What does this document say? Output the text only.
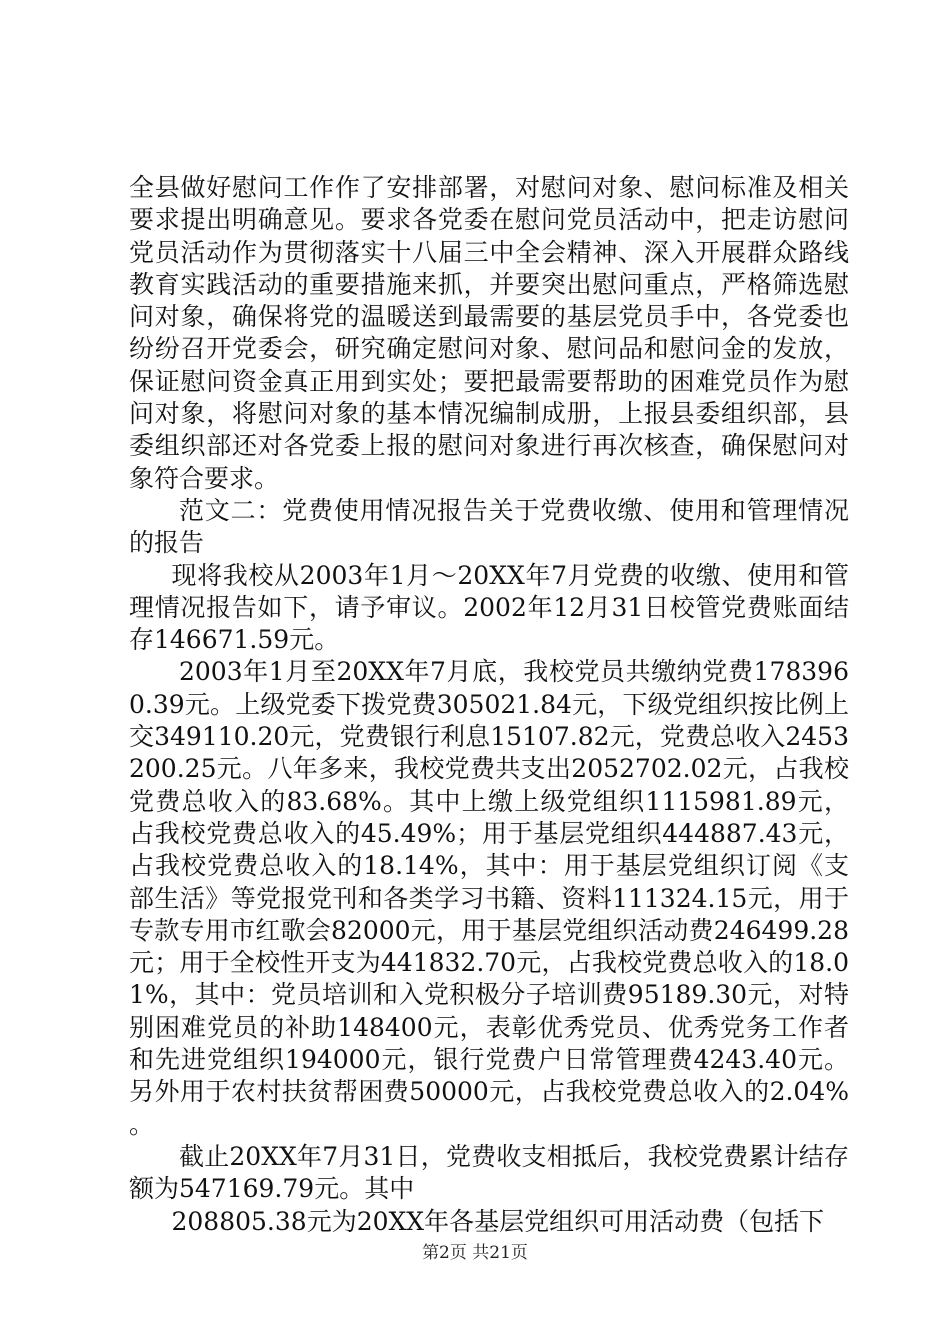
全县做好慰问工作作了安排部署，对慰问对象、慰问标准及相关要求提出明确意见。要求各党委在慰问党员活动中，把走访慰问党员活动作为贯彻落实十八届三中全会精神、深入开展群众路线教育实践活动的重要措施来抓，并要突出慰问重点，严格筛选慰问对象，确保将党的温暖送到最需要的基层党员手中，各党委也纷纷召开党委会，研究确定慰问对象、慰问品和慰问金的发放，保证慰问资金真正用到实处；要把最需要帮助的困难党员作为慰问对象，将慰问对象的基本情况编制成册，上报县委组织部，县委组织部还对各党委上报的慰问对象进行再次核查，确保慰问对象符合要求。

范文二：党费使用情况报告关于党费收缴、使用和管理情况的报告

现将我校从2003年1月～20XX年7月党费的收缴、使用和管理情况报告如下，请予审议。2002年12月31日校管党费账面结存146671.59元。

2003年1月至20XX年7月底，我校党员共缴纳党费1783960.39元。上级党委下拨党费305021.84元，下级党组织按比例上交349110.20元，党费银行利息15107.82元，党费总收入2453200.25元。八年多来，我校党费共支出2052702.02元，占我校党费总收入的83.68%。其中上缴上级党组织1115981.89元，占我校党费总收入的45.49%；用于基层党组织444887.43元，占我校党费总收入的18.14%，其中：用于基层党组织订阅《支部生活》等党报党刊和各类学习书籍、资料111324.15元，用于专款专用市红歌会82000元，用于基层党组织活动费246499.28元；用于全校性开支为441832.70元，占我校党费总收入的18.01%，其中：党员培训和入党积极分子培训费95189.30元，对特别困难党员的补助148400元，表彰优秀党员、优秀党务工作者和先进党组织194000元，银行党费户日常管理费4243.40元。另外用于农村扶贫帮困费50000元，占我校党费总收入的2.04%。

截止20XX年7月31日，党费收支相抵后，我校党费累计结存额为547169.79元。其中

208805.38元为20XX年各基层党组织可用活动费（包括下

第2页 共21页
